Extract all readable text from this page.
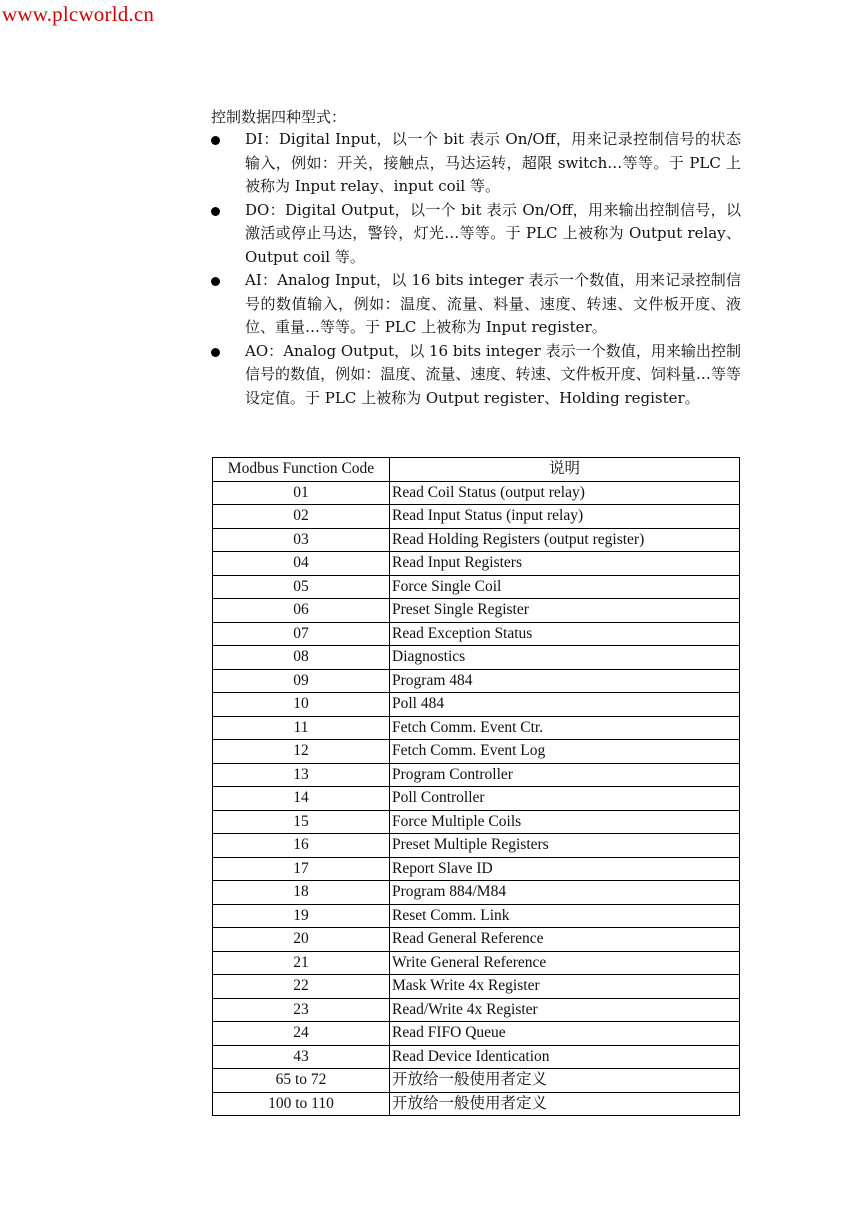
www.plcworld.cn
控制数据四种型式：
DI：Digital Input，以一个 bit 表示 On/Off，用来记录控制信号的状态输入，例如：开关，接触点，马达运转，超限 switch…等等。于 PLC 上被称为 Input relay、input coil 等。
DO：Digital Output，以一个 bit 表示 On/Off，用来输出控制信号，以激活或停止马达，警铃，灯光…等等。于 PLC 上被称为 Output relay、Output coil 等。
AI：Analog Input，以 16 bits integer 表示一个数值，用来记录控制信号的数值输入，例如：温度、流量、料量、速度、转速、文件板开度、液位、重量…等等。于 PLC 上被称为 Input register。
AO：Analog Output，以 16 bits integer 表示一个数值，用来输出控制信号的数值，例如：温度、流量、速度、转速、文件板开度、饲料量…等等设定值。于 PLC 上被称为 Output register、Holding register。
Modbus Function Code	说明
01	Read Coil Status (output relay)
02	Read Input Status (input relay)
03	Read Holding Registers (output register)
04	Read Input Registers
05	Force Single Coil
06	Preset Single Register
07	Read Exception Status
08	Diagnostics
09	Program 484
10	Poll 484
11	Fetch Comm. Event Ctr.
12	Fetch Comm. Event Log
13	Program Controller
14	Poll Controller
15	Force Multiple Coils
16	Preset Multiple Registers
17	Report Slave ID
18	Program 884/M84
19	Reset Comm. Link
20	Read General Reference
21	Write General Reference
22	Mask Write 4x Register
23	Read/Write 4x Register
24	Read FIFO Queue
43	Read Device Identication
65 to 72	开放给一般使用者定义
100 to 110	开放给一般使用者定义
